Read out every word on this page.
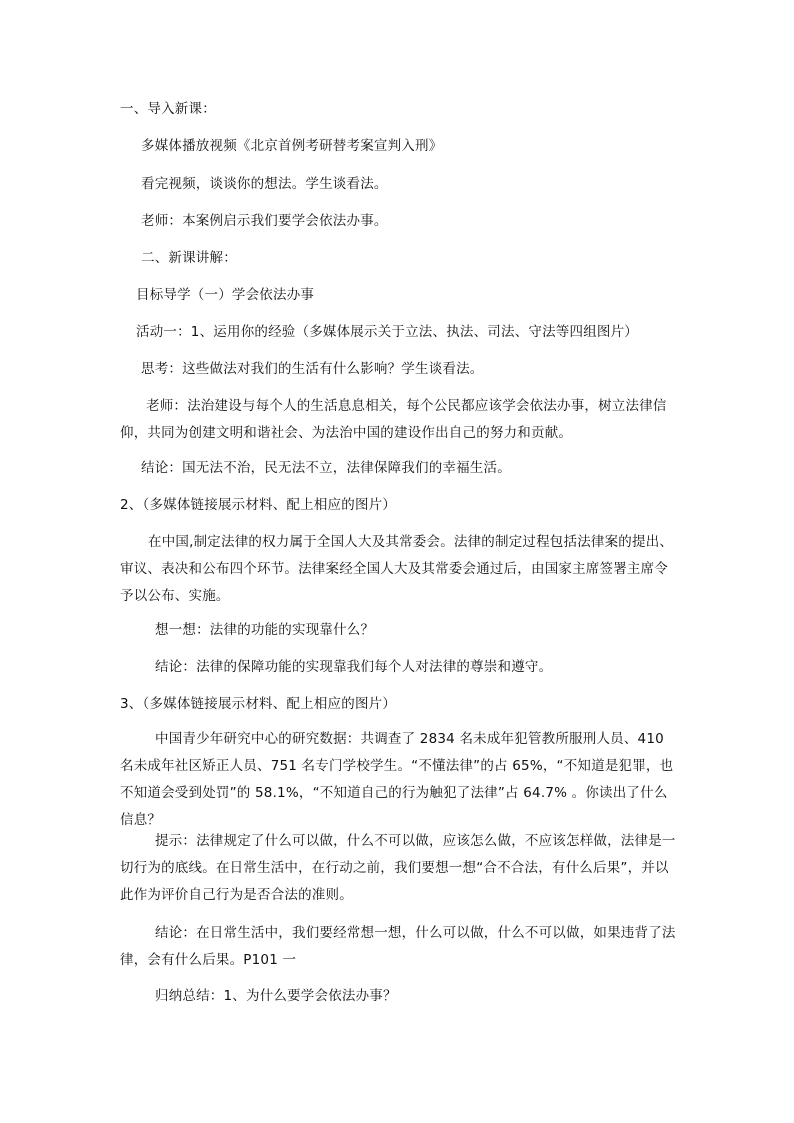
一、导入新课：
多媒体播放视频《北京首例考研替考案宣判入刑》
看完视频，谈谈你的想法。学生谈看法。
老师：本案例启示我们要学会依法办事。
二、新课讲解：
目标导学（一）学会依法办事
活动一：1、运用你的经验（多媒体展示关于立法、执法、司法、守法等四组图片）
思考：这些做法对我们的生活有什么影响？学生谈看法。
老师：法治建设与每个人的生活息息相关，每个公民都应该学会依法办事，树立法律信仰，共同为创建文明和谐社会、为法治中国的建设作出自己的努力和贡献。
结论：国无法不治，民无法不立，法律保障我们的幸福生活。
2、（多媒体链接展示材料、配上相应的图片）
在中国,制定法律的权力属于全国人大及其常委会。法律的制定过程包括法律案的提出、审议、表决和公布四个环节。法律案经全国人大及其常委会通过后，由国家主席签署主席令予以公布、实施。
想一想：法律的功能的实现靠什么？
结论：法律的保障功能的实现靠我们每个人对法律的尊崇和遵守。
3、（多媒体链接展示材料、配上相应的图片）
中国青少年研究中心的研究数据：共调查了 2834 名未成年犯管教所服刑人员、410 名未成年社区矫正人员、751 名专门学校学生。“不懂法律”的占 65%，“不知道是犯罪，也不知道会受到处罚”的 58.1%，“不知道自己的行为触犯了法律”占 64.7% 。你读出了什么信息？
提示：法律规定了什么可以做，什么不可以做，应该怎么做，不应该怎样做，法律是一切行为的底线。在日常生活中，在行动之前，我们要想一想“合不合法，有什么后果”，并以此作为评价自己行为是否合法的准则。
结论：在日常生活中，我们要经常想一想，什么可以做，什么不可以做，如果违背了法律，会有什么后果。P101 一
归纳总结：1、为什么要学会依法办事？
